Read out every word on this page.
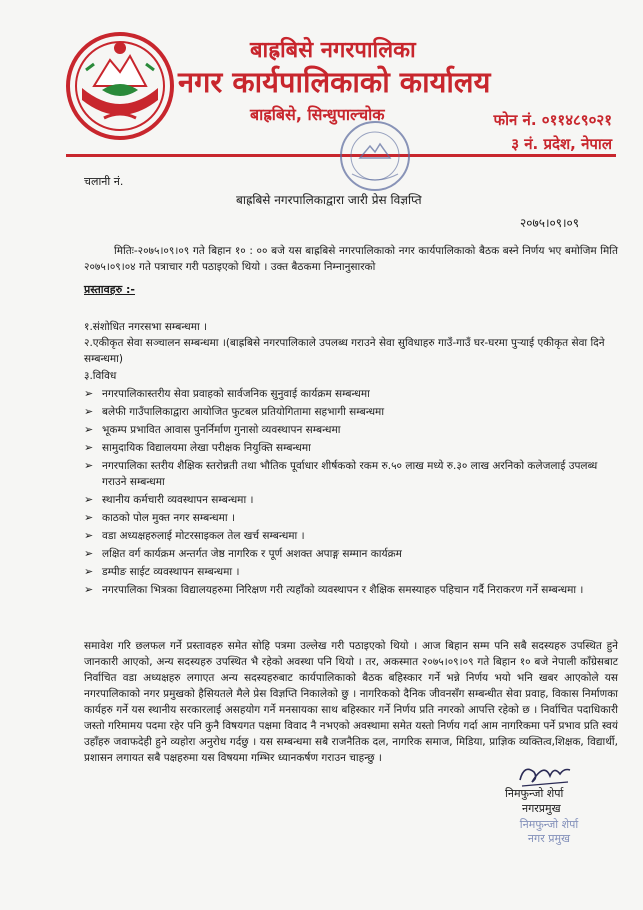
बाह्रबिसे नगरपालिका
नगर कार्यपालिकाको कार्यालय
बाह्रबिसे, सिन्धुपाल्चोक	फोन नं. ०११४८९०२१
३ नं. प्रदेश, नेपाल
चलानी नं.
बाह्रबिसे नगरपालिकाद्वारा जारी प्रेस विज्ञप्ति
२०७५।०९।०९
मितिः-२०७५।०९।०९ गते बिहान १० : ०० बजे यस बाह्रबिसे नगरपालिकाको नगर कार्यपालिकाको बैठक बस्ने निर्णय भए बमोजिम मिति २०७५।०९।०४ गते पत्राचार गरी पठाइएको थियो । उक्त बैठकमा निम्नानुसारको
प्रस्तावहरु :-
१.संशोधित नगरसभा सम्बन्धमा ।
२.एकीकृत सेवा सञ्चालन सम्बन्धमा ।(बाह्रबिसे नगरपालिकाले उपलब्ध गराउने सेवा सुविधाहरु गाउँ-गाउँ घर-घरमा पुऱ्याई एकीकृत सेवा दिने सम्बन्धमा)
३.विविध
➢ नगरपालिकास्तरीय सेवा प्रवाहको सार्वजनिक सुनुवाई कार्यक्रम सम्बन्धमा
➢ बलेफी गाउँपालिकाद्वारा आयोजित फुटबल प्रतियोगितामा सहभागी सम्बन्धमा
➢ भूकम्प प्रभावित आवास पुनर्निर्माण गुनासो व्यवस्थापन सम्बन्धमा
➢ सामुदायिक विद्यालयमा लेखा परीक्षक नियुक्ति सम्बन्धमा
➢ नगरपालिका स्तरीय शैक्षिक स्तरोन्नती तथा भौतिक पूर्वाधार शीर्षकको रकम रु.५० लाख मध्ये रु.३० लाख अरनिको कलेजलाई उपलब्ध गराउने सम्बन्धमा
➢ स्थानीय कर्मचारी व्यवस्थापन सम्बन्धमा ।
➢ काठको पोल मुक्त नगर सम्बन्धमा ।
➢ वडा अध्यक्षहरुलाई मोटरसाइकल तेल खर्च सम्बन्धमा ।
➢ लक्षित वर्ग कार्यक्रम अन्तर्गत जेष्ठ नागरिक र पूर्ण अशक्त अपाङ्ग सम्मान कार्यक्रम
➢ डम्पीङ साईट व्यवस्थापन सम्बन्धमा ।
➢ नगरपालिका भित्रका विद्यालयहरुमा निरिक्षण गरी त्यहाँको व्यवस्थापन र शैक्षिक समस्याहरु पहिचान गर्दै निराकरण गर्ने सम्बन्धमा ।
समावेश गरि छलफल गर्ने प्रस्तावहरु समेत सोहि पत्रमा उल्लेख गरी पठाइएको थियो । आज बिहान सम्म पनि सबै सदस्यहरु उपस्थित हुने जानकारी आएको, अन्य सदस्यहरु उपस्थित भै रहेको अवस्था पनि थियो । तर, अकस्मात २०७५।०९।०९ गते बिहान १० बजे नेपाली काँग्रेसबाट निर्वाचित वडा अध्यक्षहरु लगाएत अन्य सदस्यहरुबाट कार्यपालिकाको बैठक बहिस्कार गर्ने भन्ने निर्णय भयो भनि खबर आएकोले यस नगरपालिकाको नगर प्रमुखको हैसियतले मैले प्रेस विज्ञप्ति निकालेको छु । नागरिकको दैनिक जीवनसँग सम्बन्धीत सेवा प्रवाह, विकास निर्माणका कार्यहरु गर्ने यस स्थानीय सरकारलाई असहयोग गर्ने मनसायका साथ बहिस्कार गर्ने निर्णय प्रति नगरको आपत्ति रहेको छ । निर्वाचित पदाधिकारी जस्तो गरिमामय पदमा रहेर पनि कुनै विषयगत पक्षमा विवाद नै नभएको अवस्थामा समेत यस्तो निर्णय गर्दा आम नागरिकमा पर्ने प्रभाव प्रति स्वयं उहाँहरु जवाफदेही हुने व्यहोरा अनुरोध गर्दछु । यस सम्बन्धमा सबै राजनैतिक दल, नागरिक समाज, मिडिया, प्राज्ञिक व्यक्तित्व,शिक्षक, विद्यार्थी, प्रशासन लगायत सबै पक्षहरुमा यस विषयमा गम्भिर ध्यानकर्षण गराउन चाहन्छु ।
निमफुन्जो शेर्पा
नगरप्रमुख
निमफुन्जो शेर्पा
नगर प्रमुख
